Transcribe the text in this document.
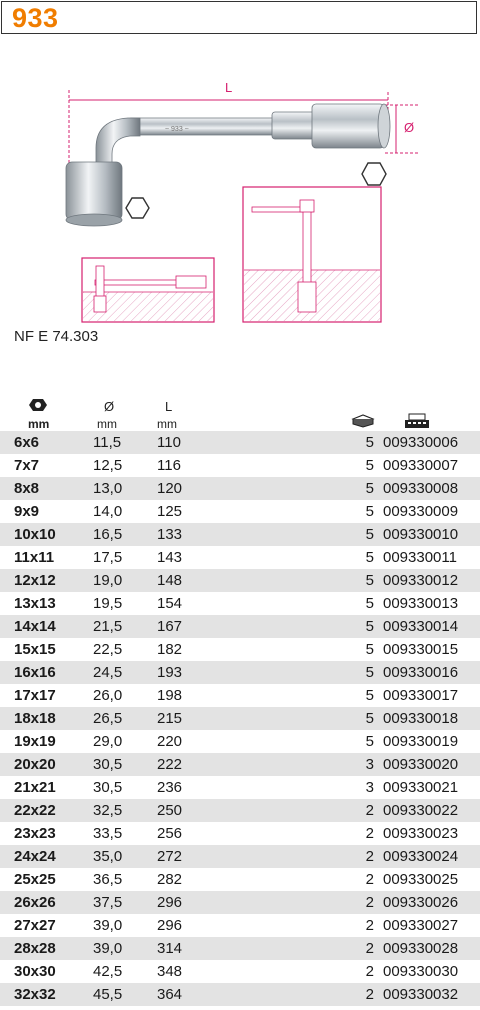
933
L
Ø
~ 933 ~
NF E 74.303
mm
Ø
mm
L
mm
6x6	11,5 110	5 009330006
7x7	12,5 116	5 009330007
8x8	13,0 120	5 009330008
9x9	14,0 125	5 009330009
10x10 16,5 133	5 009330010
11x11	17,5 143	5 009330011
12x12 19,0 148	5 009330012
13x13 19,5 154	5 009330013
14x14 21,5 167	5 009330014
15x15 22,5 182	5 009330015
16x16 24,5 193	5 009330016
17x17 26,0 198	5 009330017
18x18 26,5 215	5 009330018
19x19 29,0 220	5 009330019
20x20 30,5 222	3 009330020
21x21 30,5 236	3 009330021
22x22 32,5 250	2 009330022
23x23 33,5 256	2 009330023
24x24 35,0 272	2 009330024
25x25 36,5 282	2 009330025
26x26 37,5 296	2 009330026
27x27 39,0 296	2 009330027
28x28 39,0 314	2 009330028
30x30 42,5 348	2 009330030
32x32 45,5 364	2 009330032
